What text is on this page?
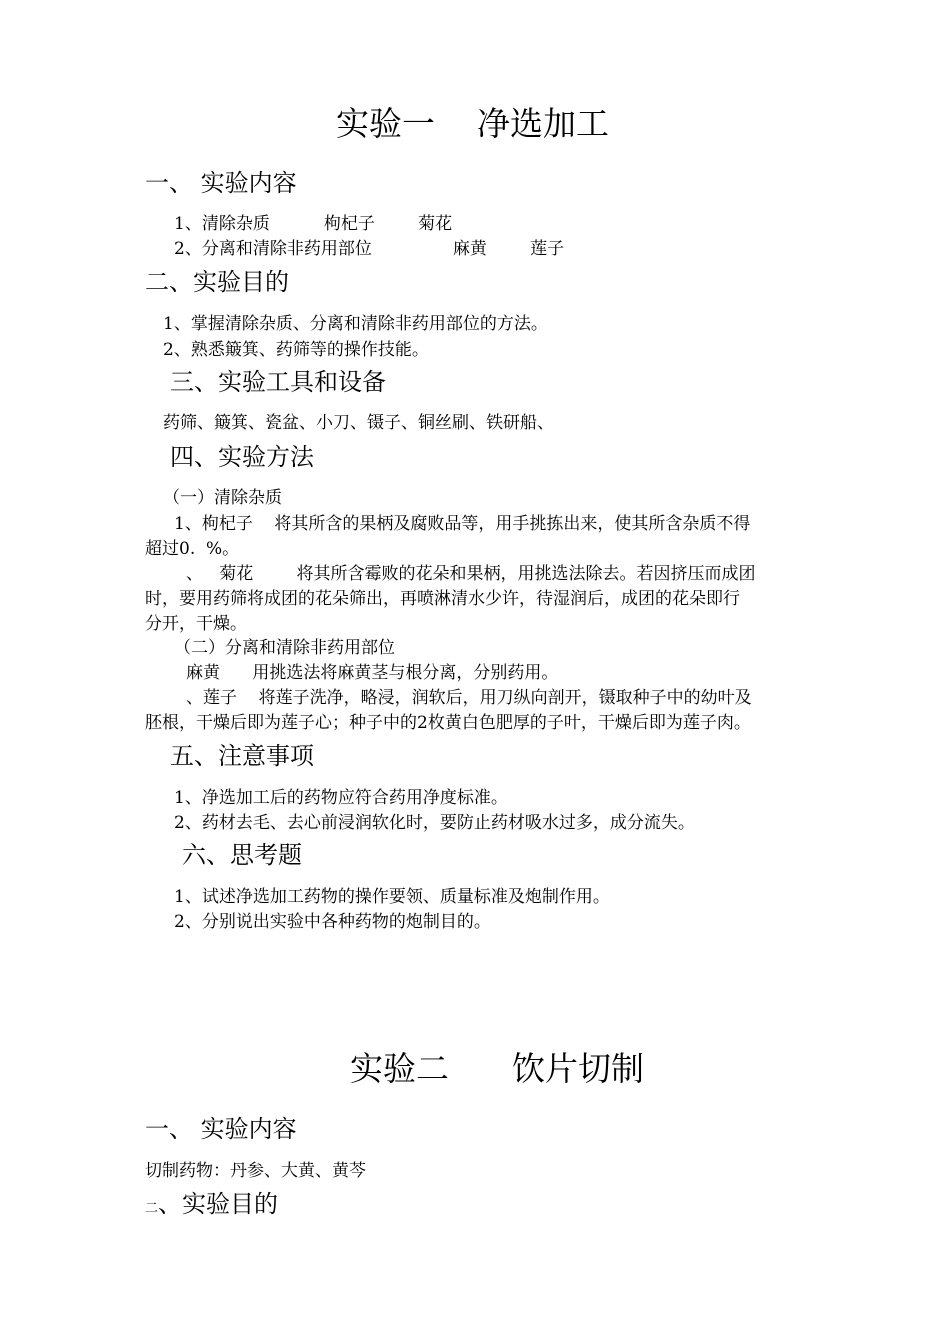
实验一    净选加工
一、 实验内容
1、清除杂质          枸杞子        菊花
2、分离和清除非药用部位               麻黄        莲子
二、实验目的
1、掌握清除杂质、分离和清除非药用部位的方法。
2、熟悉簸箕、药筛等的操作技能。
三、实验工具和设备
药筛、簸箕、瓷盆、小刀、镊子、铜丝刷、铁研船、
四、实验方法
（一）清除杂质
1、枸杞子    将其所含的果柄及腐败品等，用手挑拣出来，使其所含杂质不得
超过0.  %。
、   菊花        将其所含霉败的花朵和果柄，用挑选法除去。若因挤压而成团
时，要用药筛将成团的花朵筛出，再喷淋清水少许，待湿润后，成团的花朵即行
分开，干燥。
（二）分离和清除非药用部位
麻黄      用挑选法将麻黄茎与根分离，分别药用。
、莲子    将莲子洗净，略浸，润软后，用刀纵向剖开，镊取种子中的幼叶及
胚根，干燥后即为莲子心；种子中的2枚黄白色肥厚的子叶，干燥后即为莲子肉。
五、注意事项
1、净选加工后的药物应符合药用净度标准。
2、药材去毛、去心前浸润软化时，要防止药材吸水过多，成分流失。
六、思考题
1、试述净选加工药物的操作要领、质量标准及炮制作用。
2、分别说出实验中各种药物的炮制目的。
实验二      饮片切制
一、 实验内容
切制药物：丹参、大黄、黄芩
二、实验目的
